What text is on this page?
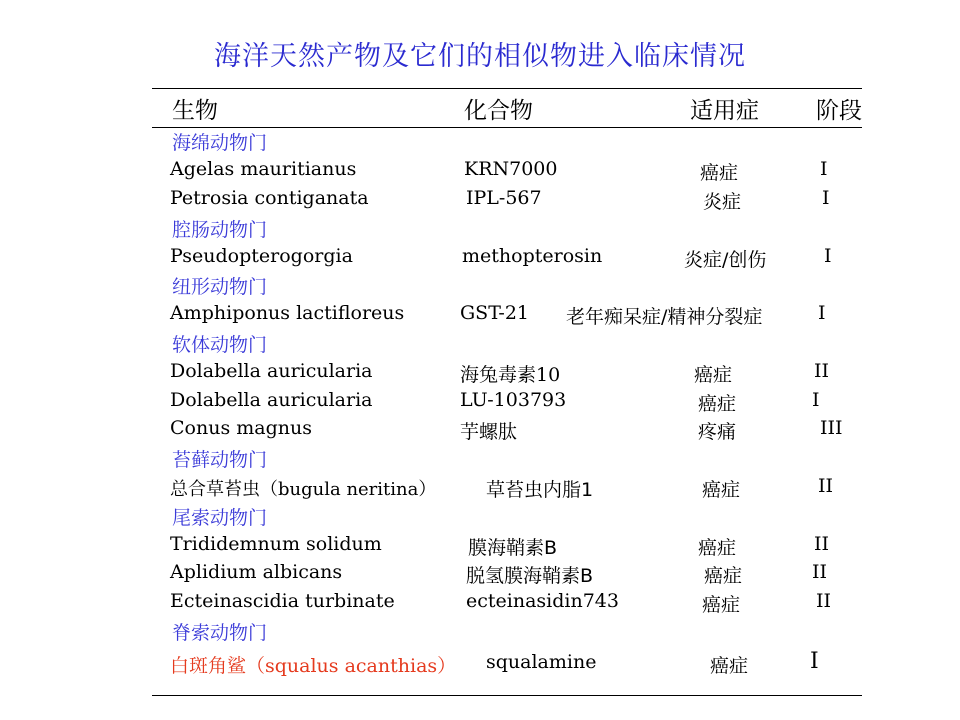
海洋天然产物及它们的相似物进入临床情况
生物	化合物	适用症 阶段
海绵动物门
Agelas mauritianus	KRN7000	癌症	I
Petrosia contiganata	IPL-567	炎症	I
腔肠动物门
Pseudopterogorgia	methopterosin	炎症/创伤	I
纽形动物门
Amphiponus lactifloreus	GST-21 老年痴呆症/精神分裂症	I
软体动物门
Dolabella auricularia	海兔毒素10	癌症	II
Dolabella auricularia	LU-103793	癌症	I
Conus magnus	芋螺肽	疼痛	III
苔藓动物门
总合草苔虫（bugula neritina）	草苔虫内脂1	癌症	II
尾索动物门
Trididemnum solidum	膜海鞘素B	癌症	II
Aplidium albicans	脱氢膜海鞘素B	癌症	II
Ecteinascidia turbinate	ecteinasidin743	癌症	II
脊索动物门
白斑角鲨（squalus acanthias） squalamine	癌症	I
